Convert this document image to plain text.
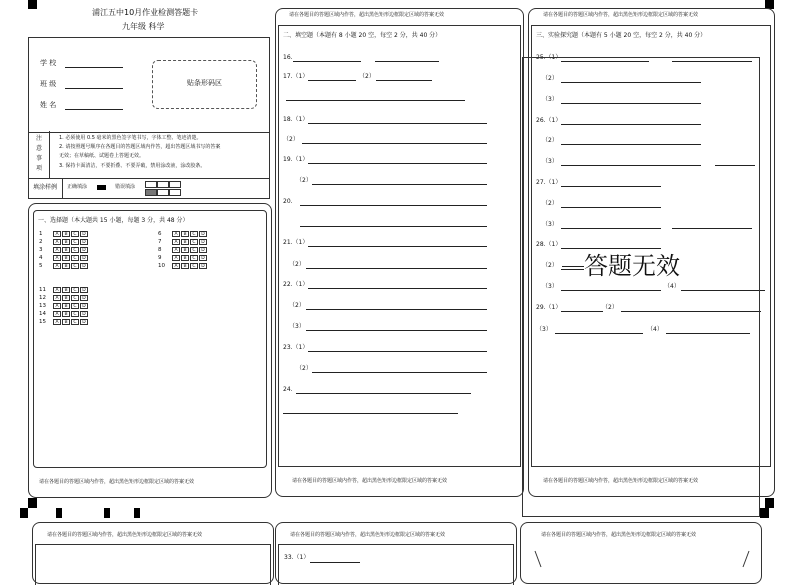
浦江五中10月作业检测答题卡
九年级 科学
学 校
班 级
姓 名
贴条形码区
注
意
事
项
1. 必须使用 0.5 毫米的黑色签字笔书写，字体工整、笔迹清楚。
2. 请按照题号顺序在各题目的答题区域内作答，超出答题区域书写的答案
无效；在草稿纸、试题卷上答题无效。
3. 保持卡面清洁，不要折叠、不要弄破，禁用涂改液，涂改胶条。
填涂样例 正确填涂	错误填涂
一、选择题（本大题共 15 小题，每题 3 分，共 48 分）
1	A	B	C	D
2	A	B	C	D
3	A	B	C	D
4	A	B	C	D
5	A	B	C	D
6	A	B	C	D
7	A	B	C	D
8	A	B	C	D
9	A	B	C	D
10	A	B	C	D
11	A	B	C	D
12	A	B	C	D
13	A	B	C	D
14	A	B	C	D
15	A	B	C	D
请在各题目的答题区域内作答，超出黑色矩形边框限定区域的答案无效
请在各题目的答题区域内作答，超出黑色矩形边框限定区域的答案无效
二、填空题（本题有 8 小题 20 空，每空 2 分，共 40 分）
16.
17.（1）	（2）
18.（1）
（2）
19.（1）
（2）
20.
21.（1）
（2）
22.（1）
（2）
（3）
23.（1）
（2）
24.
请在各题目的答题区域内作答，超出黑色矩形边框限定区域的答案无效
请在各题目的答题区域内作答，超出黑色矩形边框限定区域的答案无效
三、实验探究题（本题有 5 小题 20 空，每空 2 分，共 40 分）
25.（1）
（2）
（3）
26.（1）
（2）
（3）
27.（1）
（2）
（3）
28.（1）
（2）
（3）	（4）
29.（1）	（2）
（3）	（4）
请在各题目的答题区域内作答，超出黑色矩形边框限定区域的答案无效
答题无效
请在各题目的答题区域内作答，超出黑色矩形边框限定区域的答案无效	请在各题目的答题区域内作答，超出黑色矩形边框限定区域的答案无效
33.（1）
请在各题目的答题区域内作答，超出黑色矩形边框限定区域的答案无效
